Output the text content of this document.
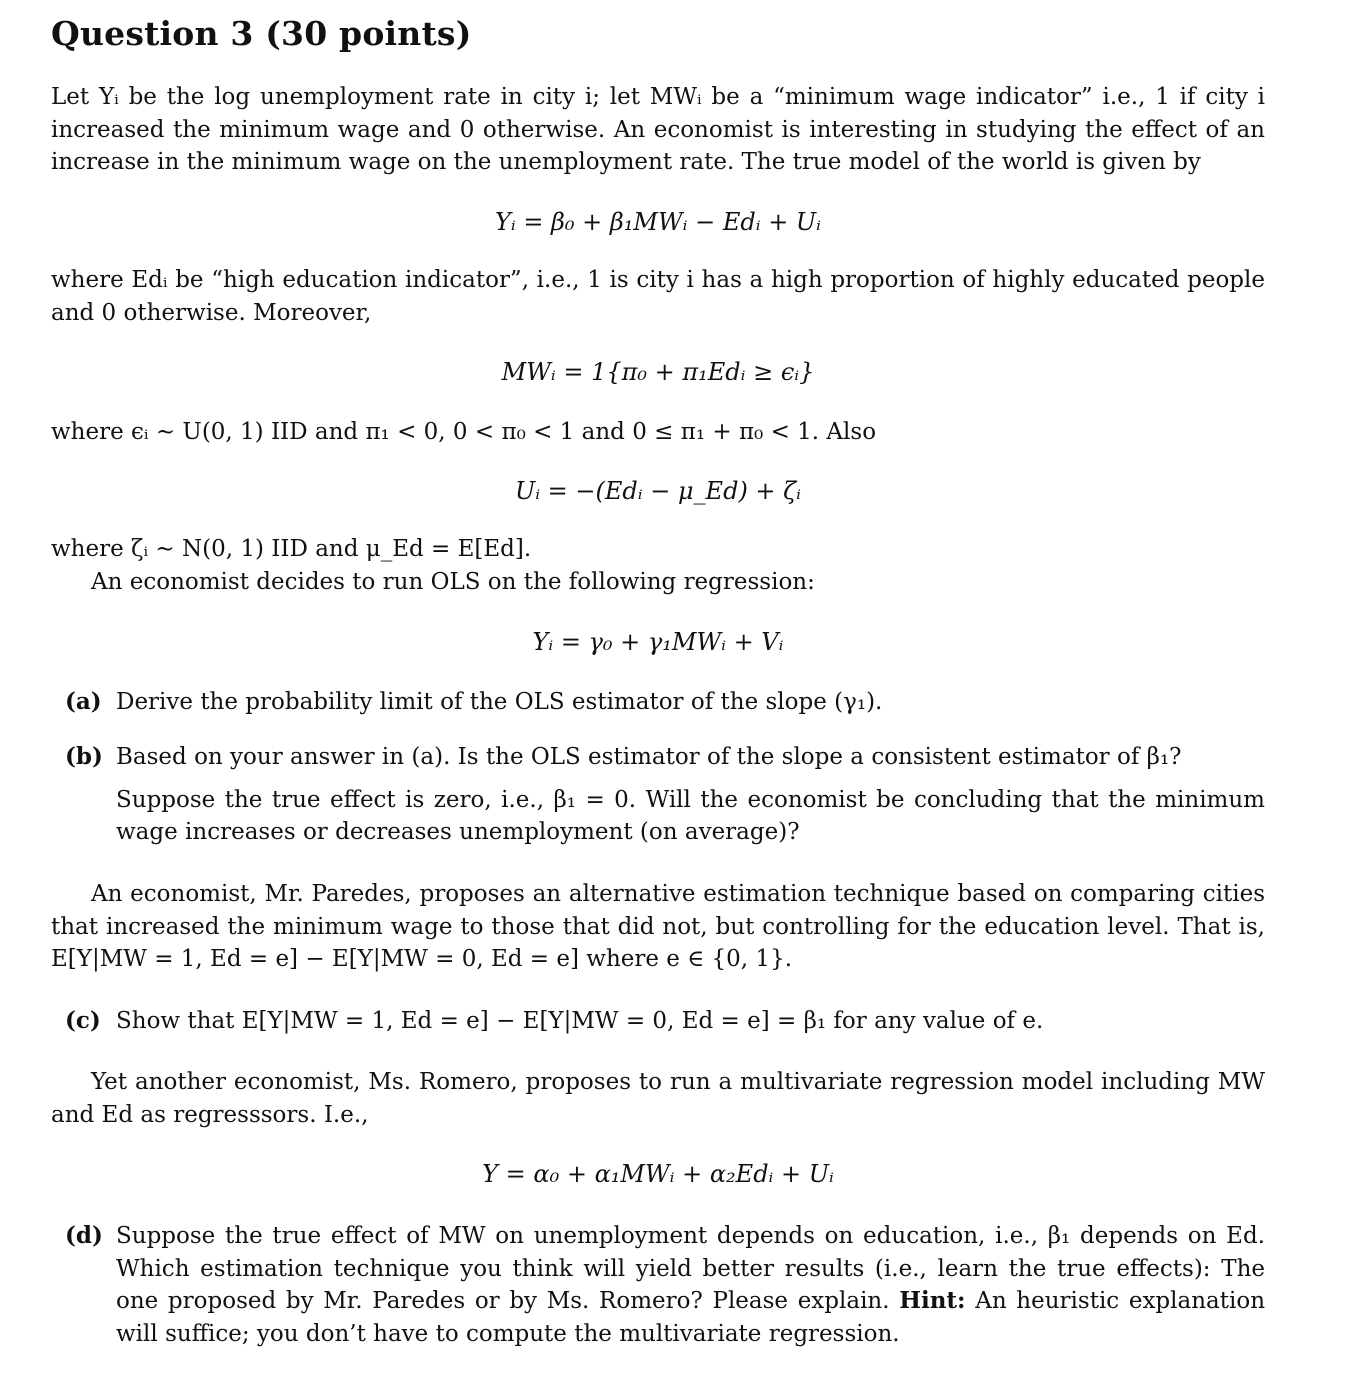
Question 3 (30 points)

Let Yᵢ be the log unemployment rate in city i; let MWᵢ be a “minimum wage indicator” i.e., 1 if city i increased the minimum wage and 0 otherwise. An economist is interesting in studying the effect of an increase in the minimum wage on the unemployment rate. The true model of the world is given by

Yᵢ = β₀ + β₁MWᵢ − Edᵢ + Uᵢ

where Edᵢ be “high education indicator”, i.e., 1 is city i has a high proportion of highly educated people and 0 otherwise. Moreover,

MWᵢ = 1{π₀ + π₁Edᵢ ≥ ϵᵢ}

where ϵᵢ ∼ U(0, 1) IID and π₁ < 0, 0 < π₀ < 1 and 0 ≤ π₁ + π₀ < 1. Also

Uᵢ = −(Edᵢ − μ_Ed) + ζᵢ

where ζᵢ ∼ N(0, 1) IID and μ_Ed = E[Ed].

An economist decides to run OLS on the following regression:

Yᵢ = γ₀ + γ₁MWᵢ + Vᵢ

(a) Derive the probability limit of the OLS estimator of the slope (γ₁).

(b) Based on your answer in (a). Is the OLS estimator of the slope a consistent estimator of β₁?

Suppose the true effect is zero, i.e., β₁ = 0. Will the economist be concluding that the minimum wage increases or decreases unemployment (on average)?

An economist, Mr. Paredes, proposes an alternative estimation technique based on comparing cities that increased the minimum wage to those that did not, but controlling for the education level. That is, E[Y|MW = 1, Ed = e] − E[Y|MW = 0, Ed = e] where e ∈ {0, 1}.

(c) Show that E[Y|MW = 1, Ed = e] − E[Y|MW = 0, Ed = e] = β₁ for any value of e.

Yet another economist, Ms. Romero, proposes to run a multivariate regression model including MW and Ed as regresssors. I.e.,

Y = α₀ + α₁MWᵢ + α₂Edᵢ + Uᵢ

(d) Suppose the true effect of MW on unemployment depends on education, i.e., β₁ depends on Ed. Which estimation technique you think will yield better results (i.e., learn the true effects): The one proposed by Mr. Paredes or by Ms. Romero? Please explain. Hint: An heuristic explanation will suffice; you don’t have to compute the multivariate regression.
